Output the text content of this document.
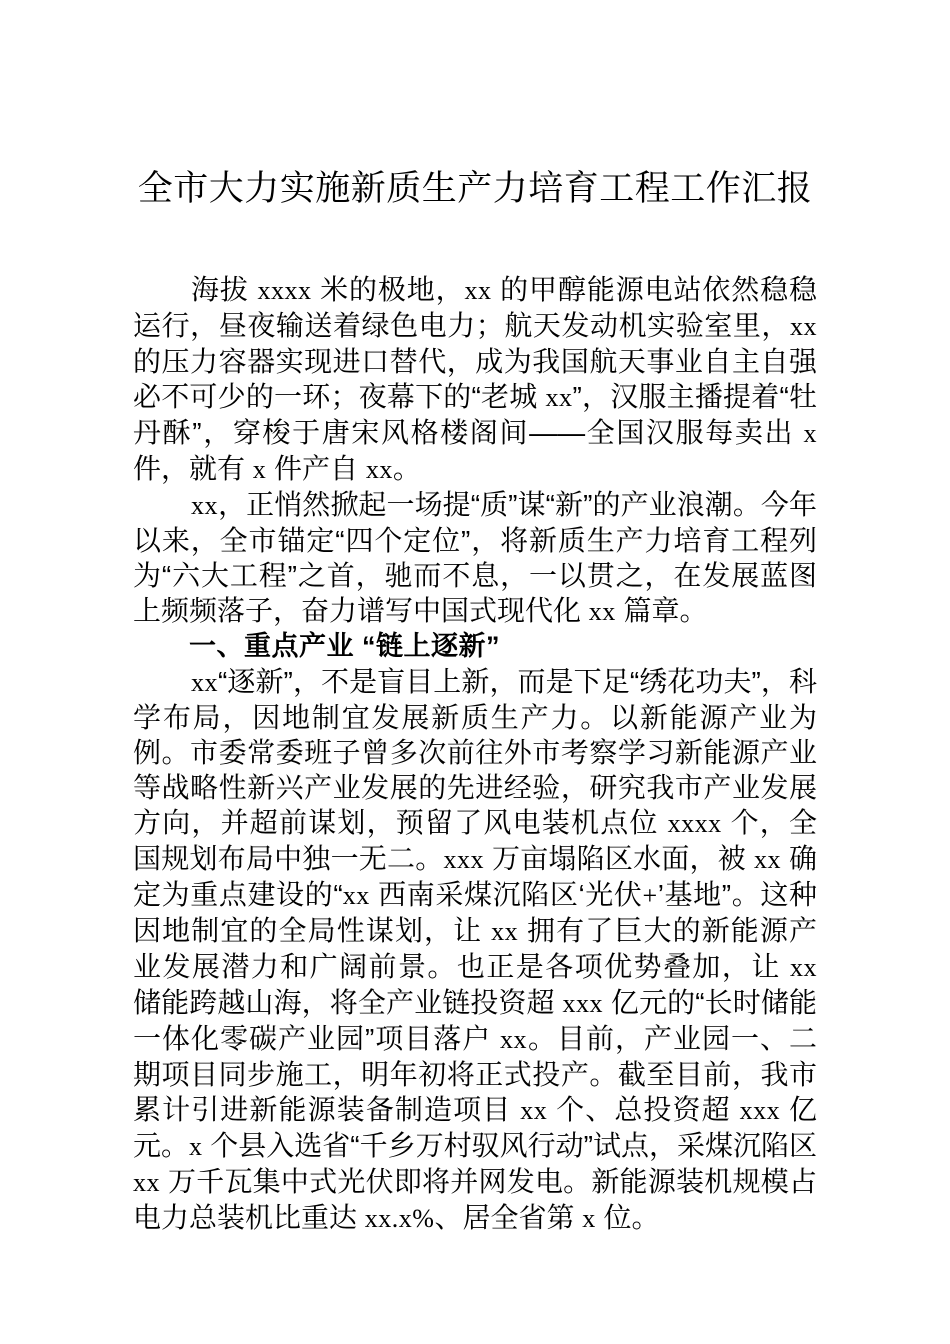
全市大力实施新质生产力培育工程工作汇报

海拔 xxxx 米的极地，xx 的甲醇能源电站依然稳稳运行，昼夜输送着绿色电力；航天发动机实验室里，xx 的压力容器实现进口替代，成为我国航天事业自主自强必不可少的一环；夜幕下的“老城 xx”，汉服主播提着“牡丹酥”，穿梭于唐宋风格楼阁间——全国汉服每卖出 x 件，就有 x 件产自 xx。

xx，正悄然掀起一场提“质”谋“新”的产业浪潮。今年以来，全市锚定“四个定位”，将新质生产力培育工程列为“六大工程”之首，驰而不息，一以贯之，在发展蓝图上频频落子，奋力谱写中国式现代化 xx 篇章。

一、重点产业 “链上逐新”

xx“逐新”，不是盲目上新，而是下足“绣花功夫”，科学布局，因地制宜发展新质生产力。以新能源产业为例。市委常委班子曾多次前往外市考察学习新能源产业等战略性新兴产业发展的先进经验，研究我市产业发展方向，并超前谋划，预留了风电装机点位 xxxx 个，全国规划布局中独一无二。xxx 万亩塌陷区水面，被 xx 确定为重点建设的“xx 西南采煤沉陷区‘光伏+’基地”。这种因地制宜的全局性谋划，让 xx 拥有了巨大的新能源产业发展潜力和广阔前景。也正是各项优势叠加，让 xx 储能跨越山海，将全产业链投资超 xxx 亿元的“长时储能一体化零碳产业园”项目落户 xx。目前，产业园一、二期项目同步施工，明年初将正式投产。截至目前，我市累计引进新能源装备制造项目 xx 个、总投资超 xxx 亿元。x 个县入选省“千乡万村驭风行动”试点，采煤沉陷区 xx 万千瓦集中式光伏即将并网发电。新能源装机规模占电力总装机比重达 xx.x%、居全省第 x 位。
